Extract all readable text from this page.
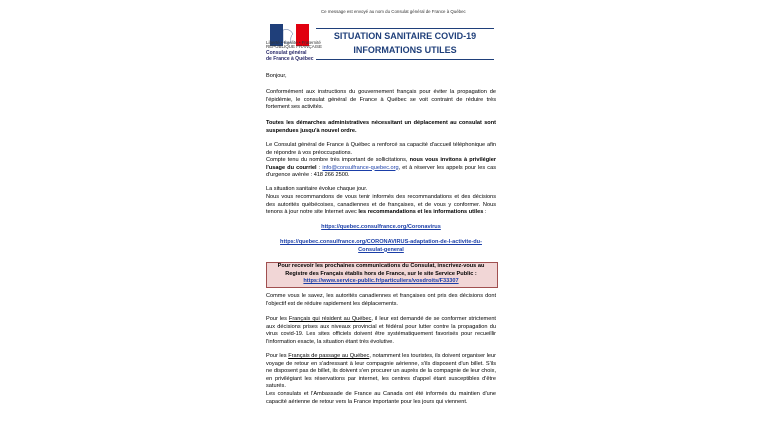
Ce message est envoyé au nom du Consulat général de France à Québec
Liberté • Égalité • Fraternité
RÉPUBLIQUE FRANÇAISE
Consulat général
de France à Québec
SITUATION SANITAIRE COVID-19
INFORMATIONS UTILES

Bonjour,

Conformément aux instructions du gouvernement français pour éviter la propagation de l'épidémie, le consulat général de France à Québec se voit contraint de réduire très fortement ses activités.

Toutes les démarches administratives nécessitant un déplacement au consulat sont suspendues jusqu'à nouvel ordre.

Le Consulat général de France à Québec a renforcé sa capacité d'accueil téléphonique afin de répondre à vos préoccupations.

Compte tenu du nombre très important de sollicitations, nous vous invitons à privilégier l'usage du courriel : info@consulfrance-quebec.org, et à réserver les appels pour les cas d'urgence avérée : 418 266 2500.

La situation sanitaire évolue chaque jour.

Nous vous recommandons de vous tenir informés des recommandations et des décisions des autorités québécoises, canadiennes et de françaises, et de vous y conformer. Nous tenons à jour notre site Internet avec les recommandations et les informations utiles :

https://quebec.consulfrance.org/Coronavirus

https://quebec.consulfrance.org/CORONAVIRUS-adaptation-de-l-activite-du-Consulat-general

Pour recevoir les prochaines communications du Consulat, inscrivez-vous au Registre des Français établis hors de France, sur le site Service Public :

https://www.service-public.fr/particuliers/vosdroits/F33307

Comme vous le savez, les autorités canadiennes et françaises ont pris des décisions dont l'objectif est de réduire rapidement les déplacements.

Pour les Français qui résident au Québec, il leur est demandé de se conformer strictement aux décisions prises aux niveaux provincial et fédéral pour lutter contre la propagation du virus covid-19. Les sites officiels doivent être systématiquement favorisés pour recueillir l'information exacte, la situation étant très évolutive.

Pour les Français de passage au Québec, notamment les touristes, ils doivent organiser leur voyage de retour en s'adressant à leur compagnie aérienne, s'ils disposent d'un billet. S'ils ne disposent pas de billet, ils doivent s'en procurer un auprès de la compagnie de leur choix, en privilégiant les réservations par internet, les centres d'appel étant susceptibles d'être saturés.

Les consulats et l'Ambassade de France au Canada ont été informés du maintien d'une capacité aérienne de retour vers la France importante pour les jours qui viennent.
